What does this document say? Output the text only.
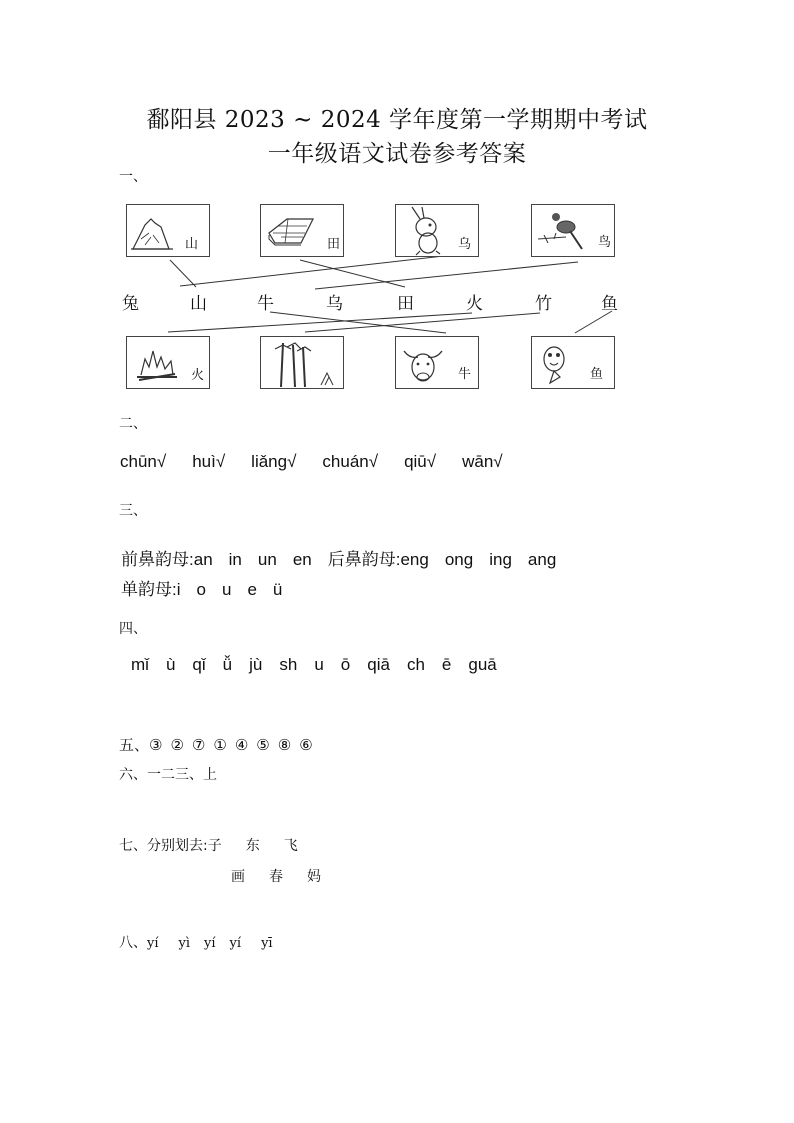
鄱阳县 2023 ~ 2024 学年度第一学期期中考试
一年级语文试卷参考答案
一、
山	田	乌	鸟
兔	山	牛	乌	田	火	竹	鱼
火	牛	鱼
二、
chūn√ huì√ liǎng√ chuán√ qiū√ wān√
三、
前鼻韵母:an in un en 后鼻韵母:eng ong ing ang
单韵母:i o u e ü
四、
mǐ ù qǐ ǚ jù sh u ō qiā ch ē guā
五、③ ② ⑦ ① ④ ⑤ ⑧ ⑥
六、一二三、上
七、分别划去:子 东 飞
画 春 妈
八、yí yì yí yí yī
